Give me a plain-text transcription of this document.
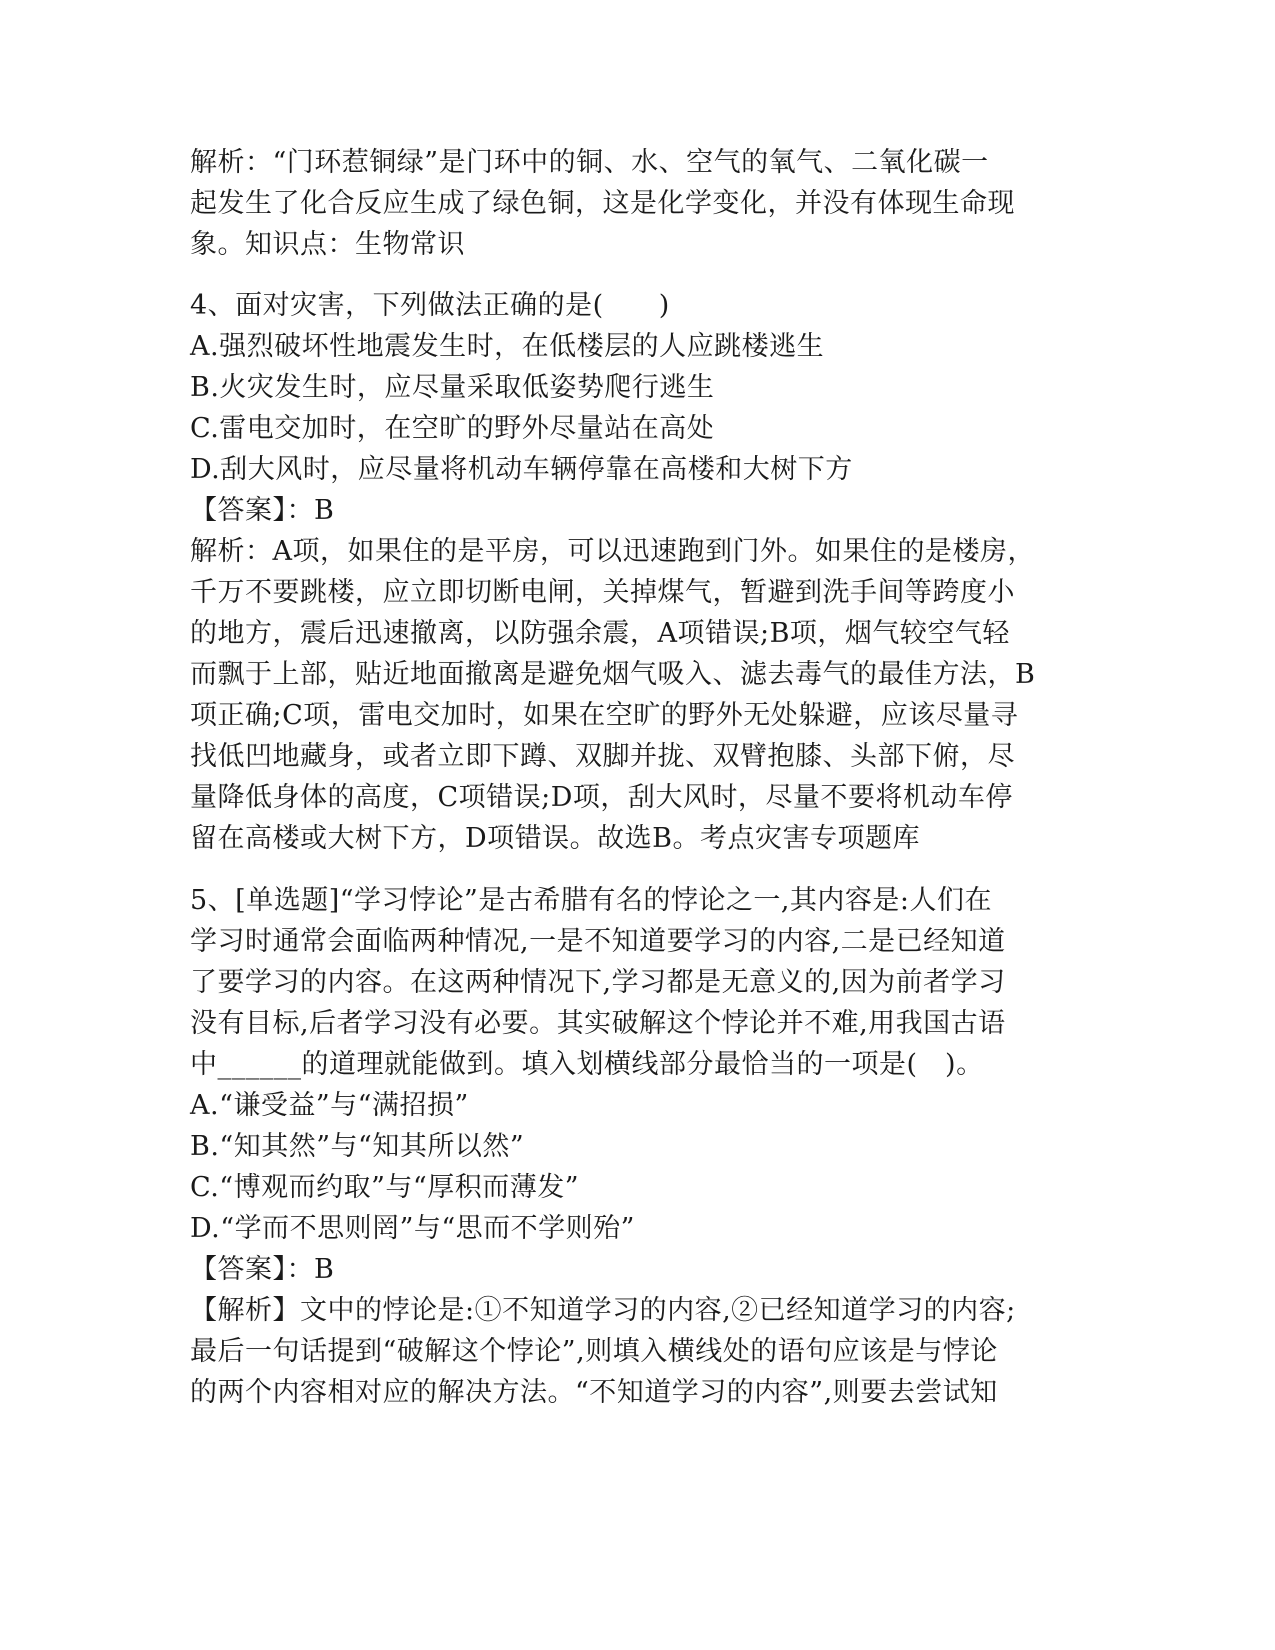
解析：“门环惹铜绿”是门环中的铜、水、空气的氧气、二氧化碳一
起发生了化合反应生成了绿色铜，这是化学变化，并没有体现生命现
象。知识点：生物常识
4、面对灾害，下列做法正确的是(　　)
A.强烈破坏性地震发生时，在低楼层的人应跳楼逃生
B.火灾发生时，应尽量采取低姿势爬行逃生
C.雷电交加时，在空旷的野外尽量站在高处
D.刮大风时，应尽量将机动车辆停靠在高楼和大树下方
【答案】：B
解析：A项，如果住的是平房，可以迅速跑到门外。如果住的是楼房，
千万不要跳楼，应立即切断电闸，关掉煤气，暂避到洗手间等跨度小
的地方，震后迅速撤离，以防强余震，A项错误;B项，烟气较空气轻
而飘于上部，贴近地面撤离是避免烟气吸入、滤去毒气的最佳方法，B
项正确;C项，雷电交加时，如果在空旷的野外无处躲避，应该尽量寻
找低凹地藏身，或者立即下蹲、双脚并拢、双臂抱膝、头部下俯，尽
量降低身体的高度，C项错误;D项，刮大风时，尽量不要将机动车停
留在高楼或大树下方，D项错误。故选B。考点灾害专项题库
5、[单选题]“学习悖论”是古希腊有名的悖论之一,其内容是:人们在
学习时通常会面临两种情况,一是不知道要学习的内容,二是已经知道
了要学习的内容。在这两种情况下,学习都是无意义的,因为前者学习
没有目标,后者学习没有必要。其实破解这个悖论并不难,用我国古语
中______的道理就能做到。填入划横线部分最恰当的一项是(　)。
A.“谦受益”与“满招损”
B.“知其然”与“知其所以然”
C.“博观而约取”与“厚积而薄发”
D.“学而不思则罔”与“思而不学则殆”
【答案】：B
【解析】文中的悖论是:①不知道学习的内容,②已经知道学习的内容;
最后一句话提到“破解这个悖论”,则填入横线处的语句应该是与悖论
的两个内容相对应的解决方法。“不知道学习的内容”,则要去尝试知
